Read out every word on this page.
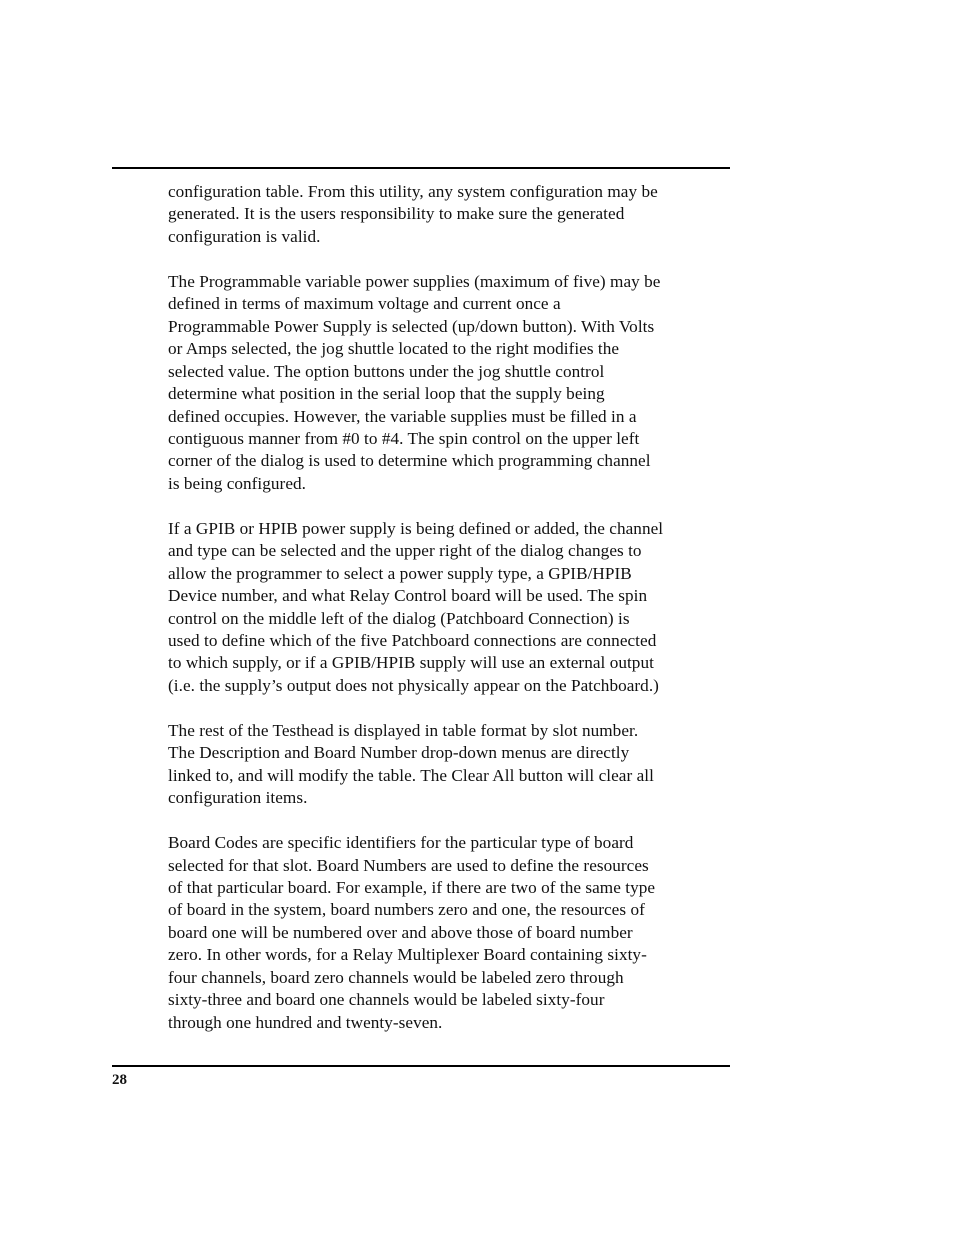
configuration table. From this utility, any system configuration may be
generated. It is the users responsibility to make sure the generated
configuration is valid.

The Programmable variable power supplies (maximum of five) may be
defined in terms of maximum voltage and current once a
Programmable Power Supply is selected (up/down button). With Volts
or Amps selected, the jog shuttle located to the right modifies the
selected value. The option buttons under the jog shuttle control
determine what position in the serial loop that the supply being
defined occupies. However, the variable supplies must be filled in a
contiguous manner from #0 to #4. The spin control on the upper left
corner of the dialog is used to determine which programming channel
is being configured.

If a GPIB or HPIB power supply is being defined or added, the channel
and type can be selected and the upper right of the dialog changes to
allow the programmer to select a power supply type, a GPIB/HPIB
Device number, and what Relay Control board will be used. The spin
control on the middle left of the dialog (Patchboard Connection) is
used to define which of the five Patchboard connections are connected
to which supply, or if a GPIB/HPIB supply will use an external output
(i.e. the supply’s output does not physically appear on the Patchboard.)

The rest of the Testhead is displayed in table format by slot number.
The Description and Board Number drop-down menus are directly
linked to, and will modify the table. The Clear All button will clear all
configuration items.

Board Codes are specific identifiers for the particular type of board
selected for that slot. Board Numbers are used to define the resources
of that particular board. For example, if there are two of the same type
of board in the system, board numbers zero and one, the resources of
board one will be numbered over and above those of board number
zero. In other words, for a Relay Multiplexer Board containing sixty-
four channels, board zero channels would be labeled zero through
sixty-three and board one channels would be labeled sixty-four
through one hundred and twenty-seven.

28
